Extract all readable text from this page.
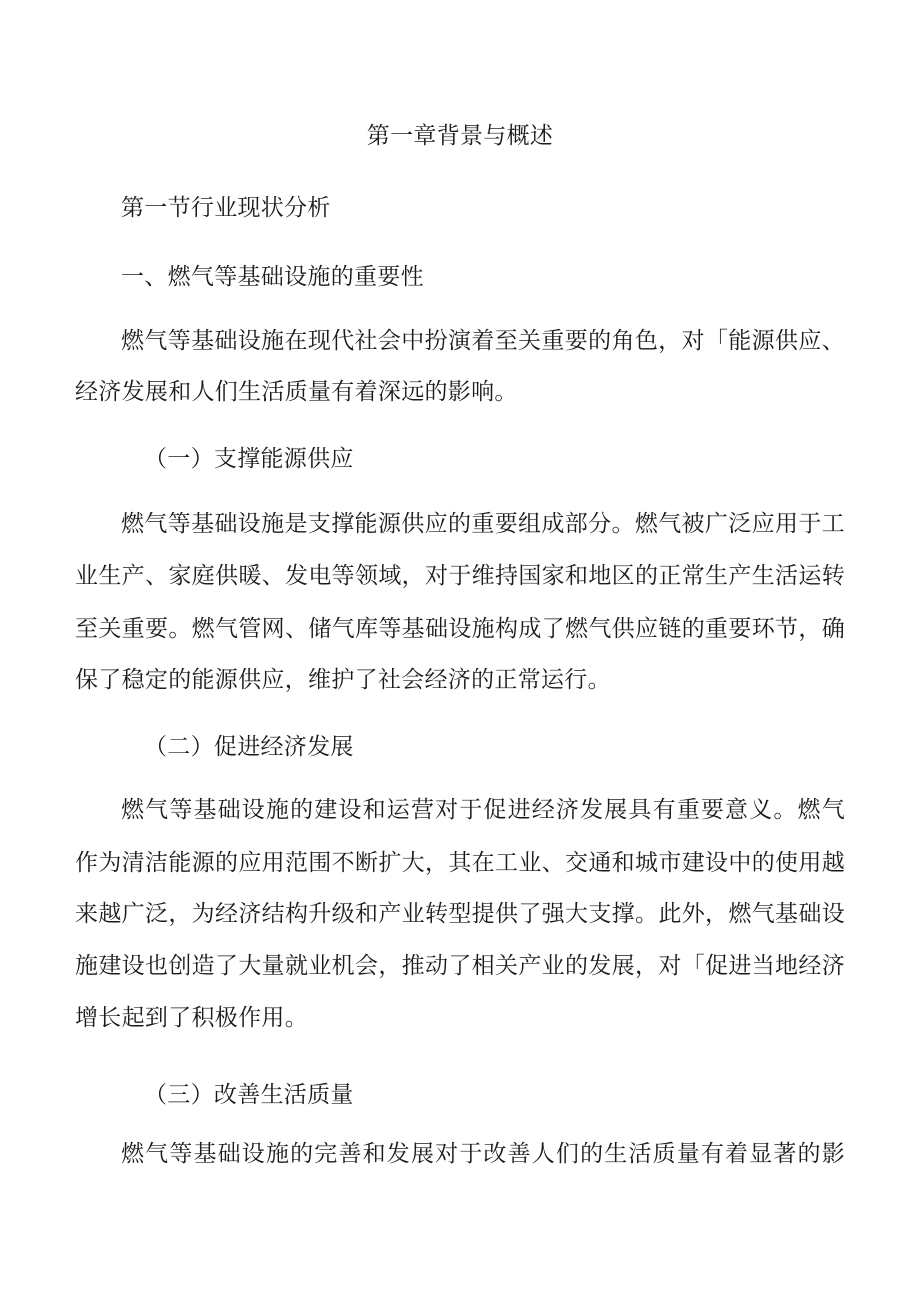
第一章背景与概述
第一节行业现状分析
一、燃气等基础设施的重要性
燃气等基础设施在现代社会中扮演着至关重要的角色，对「能源供应、
经济发展和人们生活质量有着深远的影响。
（一）支撑能源供应
燃气等基础设施是支撑能源供应的重要组成部分。燃气被广泛应用于工
业生产、家庭供暖、发电等领域，对于维持国家和地区的正常生产生活运转
至关重要。燃气管网、储气库等基础设施构成了燃气供应链的重要环节，确
保了稳定的能源供应，维护了社会经济的正常运行。
（二）促进经济发展
燃气等基础设施的建设和运营对于促进经济发展具有重要意义。燃气
作为清洁能源的应用范围不断扩大，其在工业、交通和城市建设中的使用越
来越广泛，为经济结构升级和产业转型提供了强大支撑。此外，燃气基础设
施建设也创造了大量就业机会，推动了相关产业的发展，对「促进当地经济
增长起到了积极作用。
（三）改善生活质量
燃气等基础设施的完善和发展对于改善人们的生活质量有着显著的影
